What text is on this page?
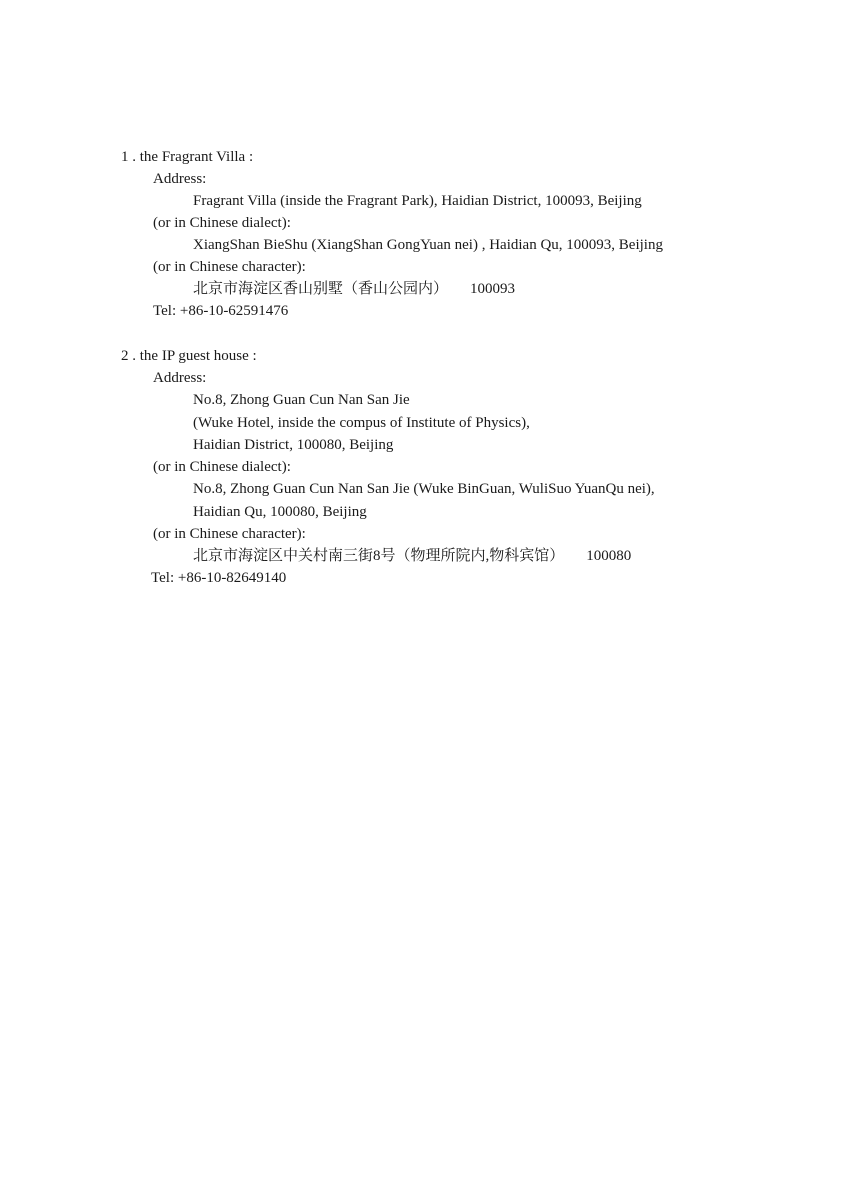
1 . the Fragrant Villa :
Address:
Fragrant Villa (inside the Fragrant Park), Haidian District, 100093, Beijing
(or in Chinese dialect):
XiangShan BieShu (XiangShan GongYuan nei) , Haidian Qu, 100093, Beijing
(or in Chinese character):
北京市海淀区香山别墅（香山公园内） 100093
Tel: +86-10-62591476
2 . the IP guest house :
Address:
No.8, Zhong Guan Cun Nan San Jie
(Wuke Hotel, inside the compus of Institute of Physics),
Haidian District, 100080, Beijing
(or in Chinese dialect):
No.8, Zhong Guan Cun Nan San Jie (Wuke BinGuan, WuliSuo YuanQu nei),
Haidian Qu, 100080, Beijing
(or in Chinese character):
北京市海淀区中关村南三街8号（物理所院内,物科宾馆） 100080
Tel: +86-10-82649140
